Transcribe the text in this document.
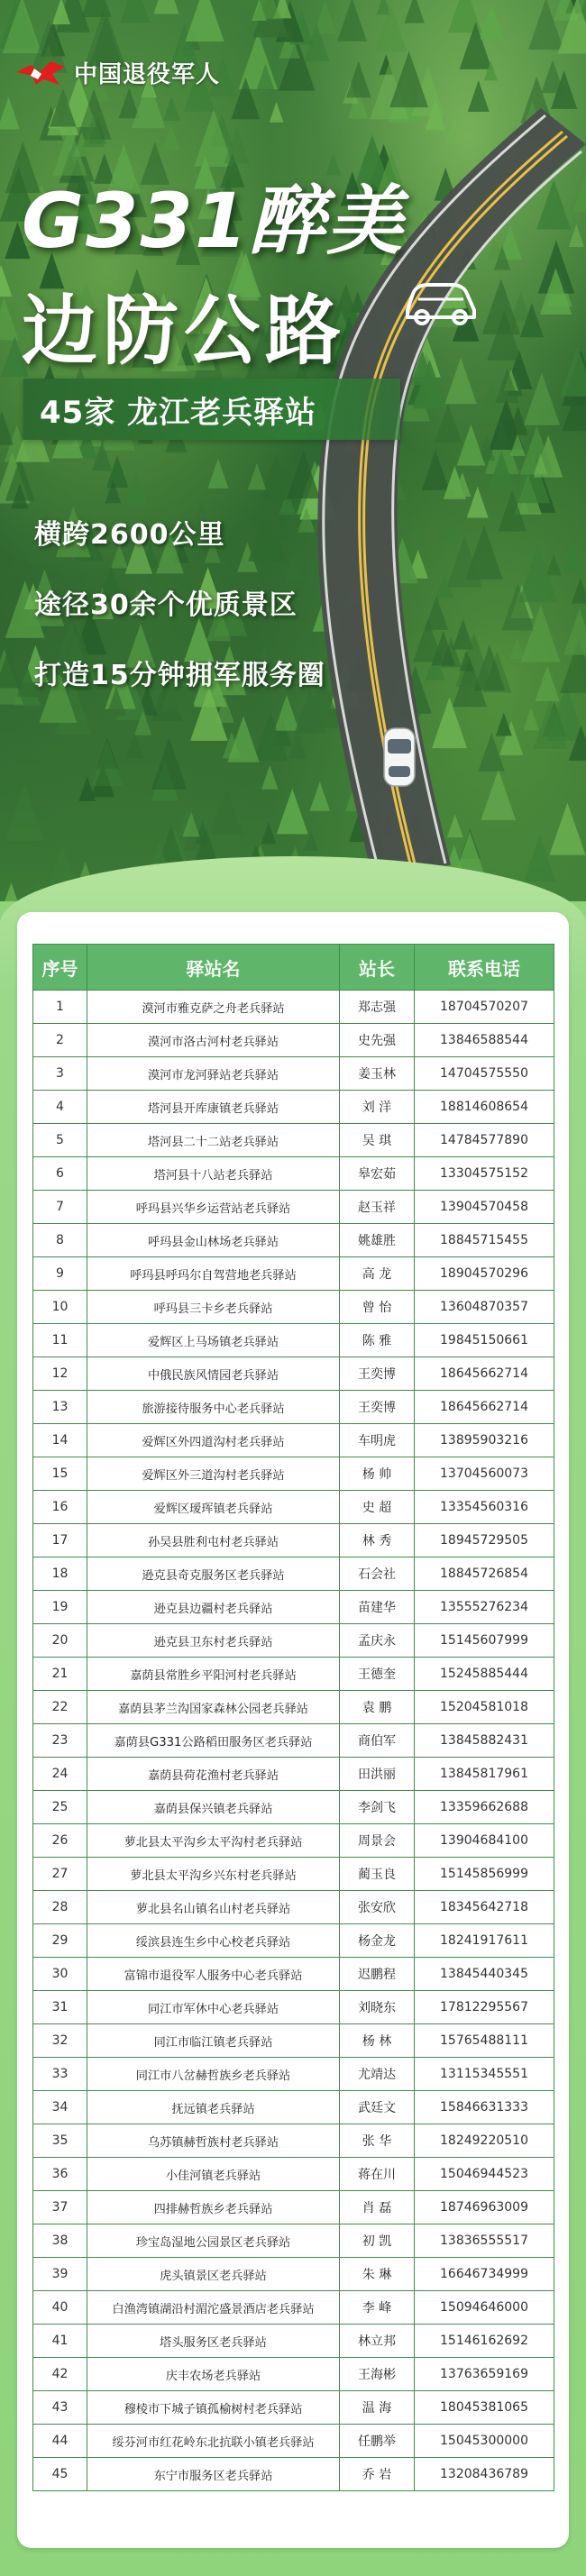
中国退役军人
G331醉美
边防公路
45家 龙江老兵驿站
横跨2600公里
途径30余个优质景区
打造15分钟拥军服务圈
序号	驿站名	站长	联系电话
1	漠河市雅克萨之舟老兵驿站	郑志强	18704570207
2	漠河市洛古河村老兵驿站	史先强	13846588544
3	漠河市龙河驿站老兵驿站	姜玉林	14704575550
4	塔河县开库康镇老兵驿站	刘 洋	18814608654
5	塔河县二十二站老兵驿站	吴 琪	14784577890
6	塔河县十八站老兵驿站	皋宏茹	13304575152
7	呼玛县兴华乡运营站老兵驿站	赵玉祥	13904570458
8	呼玛县金山林场老兵驿站	姚雄胜	18845715455
9	呼玛县呼玛尔自驾营地老兵驿站	高 龙	18904570296
10	呼玛县三卡乡老兵驿站	曾 怡	13604870357
11	爱辉区上马场镇老兵驿站	陈 雅	19845150661
12	中俄民族风情园老兵驿站	王奕博	18645662714
13	旅游接待服务中心老兵驿站	王奕博	18645662714
14	爱辉区外四道沟村老兵驿站	车明虎	13895903216
15	爱辉区外三道沟村老兵驿站	杨 帅	13704560073
16	爱辉区瑷珲镇老兵驿站	史 超	13354560316
17	孙吴县胜利屯村老兵驿站	林 秀	18945729505
18	逊克县奇克服务区老兵驿站	石会社	18845726854
19	逊克县边疆村老兵驿站	苗建华	13555276234
20	逊克县卫东村老兵驿站	孟庆永	15145607999
21	嘉荫县常胜乡平阳河村老兵驿站	王德奎	15245885444
22	嘉荫县茅兰沟国家森林公园老兵驿站	袁 鹏	15204581018
23	嘉荫县G331公路稻田服务区老兵驿站	商伯军	13845882431
24	嘉荫县荷花渔村老兵驿站	田洪丽	13845817961
25	嘉荫县保兴镇老兵驿站	李剑飞	13359662688
26	萝北县太平沟乡太平沟村老兵驿站	周景会	13904684100
27	萝北县太平沟乡兴东村老兵驿站	蔺玉良	15145856999
28	萝北县名山镇名山村老兵驿站	张安欣	18345642718
29	绥滨县连生乡中心校老兵驿站	杨金龙	18241917611
30	富锦市退役军人服务中心老兵驿站	迟鹏程	13845440345
31	同江市军休中心老兵驿站	刘晓东	17812295567
32	同江市临江镇老兵驿站	杨 林	15765488111
33	同江市八岔赫哲族乡老兵驿站	尤靖达	13115345551
34	抚远镇老兵驿站	武廷文	15846631333
35	乌苏镇赫哲族村老兵驿站	张 华	18249220510
36	小佳河镇老兵驿站	蒋在川	15046944523
37	四排赫哲族乡老兵驿站	肖 磊	18746963009
38	珍宝岛湿地公园景区老兵驿站	初 凯	13836555517
39	虎头镇景区老兵驿站	朱 琳	16646734999
40	白渔湾镇湖沿村湄沱盛景酒店老兵驿站	李 峰	15094646000
41	塔头服务区老兵驿站	林立邦	15146162692
42	庆丰农场老兵驿站	王海彬	13763659169
43	穆棱市下城子镇孤榆树村老兵驿站	温 海	18045381065
44	绥芬河市红花岭东北抗联小镇老兵驿站	任鹏举	15045300000
45	东宁市服务区老兵驿站	乔 岩	13208436789
